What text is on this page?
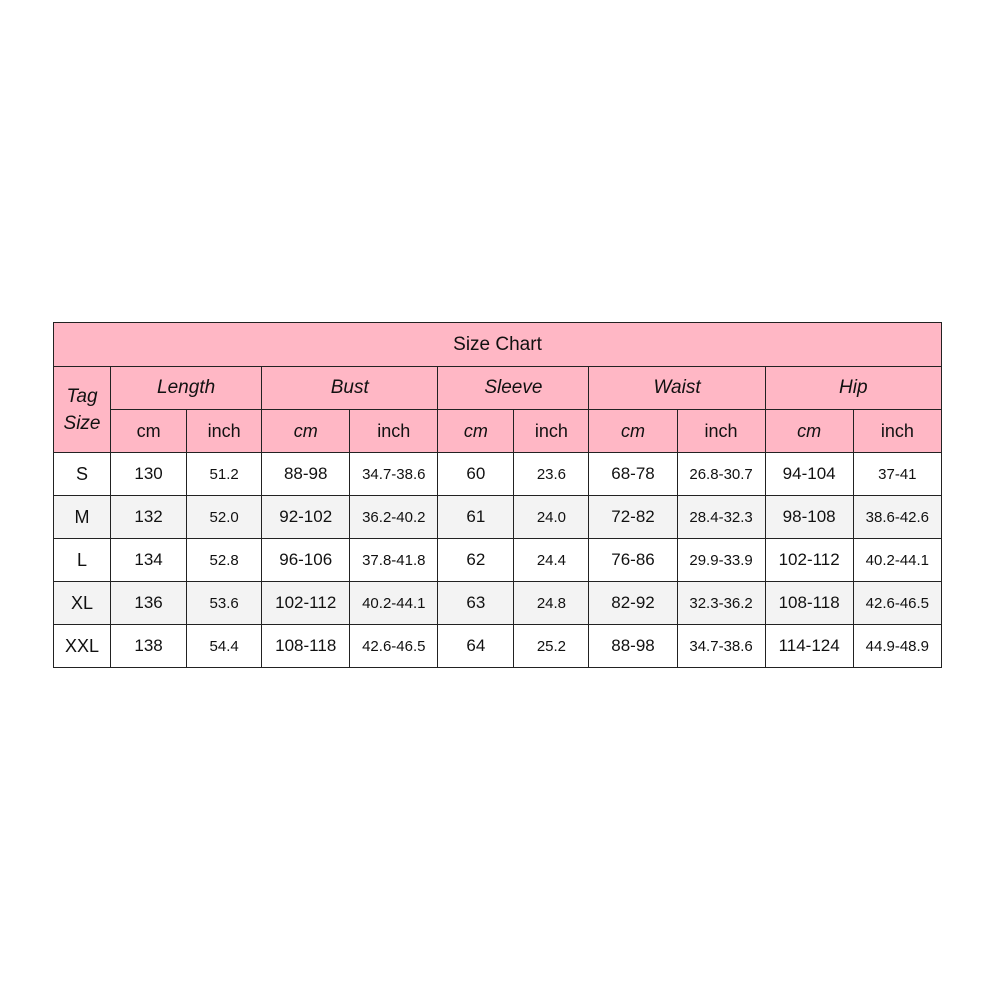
Size Chart										
Tag
Size	Length		Bust		Sleeve		Waist		Hip	
	cm	inch	cm	inch	cm	inch	cm	inch	cm	inch
S	130	51.2	88-98	34.7-38.6	60	23.6	68-78	26.8-30.7	94-104	37-41
M	132	52.0	92-102	36.2-40.2	61	24.0	72-82	28.4-32.3	98-108	38.6-42.6
L	134	52.8	96-106	37.8-41.8	62	24.4	76-86	29.9-33.9	102-112	40.2-44.1
XL	136	53.6	102-112	40.2-44.1	63	24.8	82-92	32.3-36.2	108-118	42.6-46.5
XXL	138	54.4	108-118	42.6-46.5	64	25.2	88-98	34.7-38.6	114-124	44.9-48.9
